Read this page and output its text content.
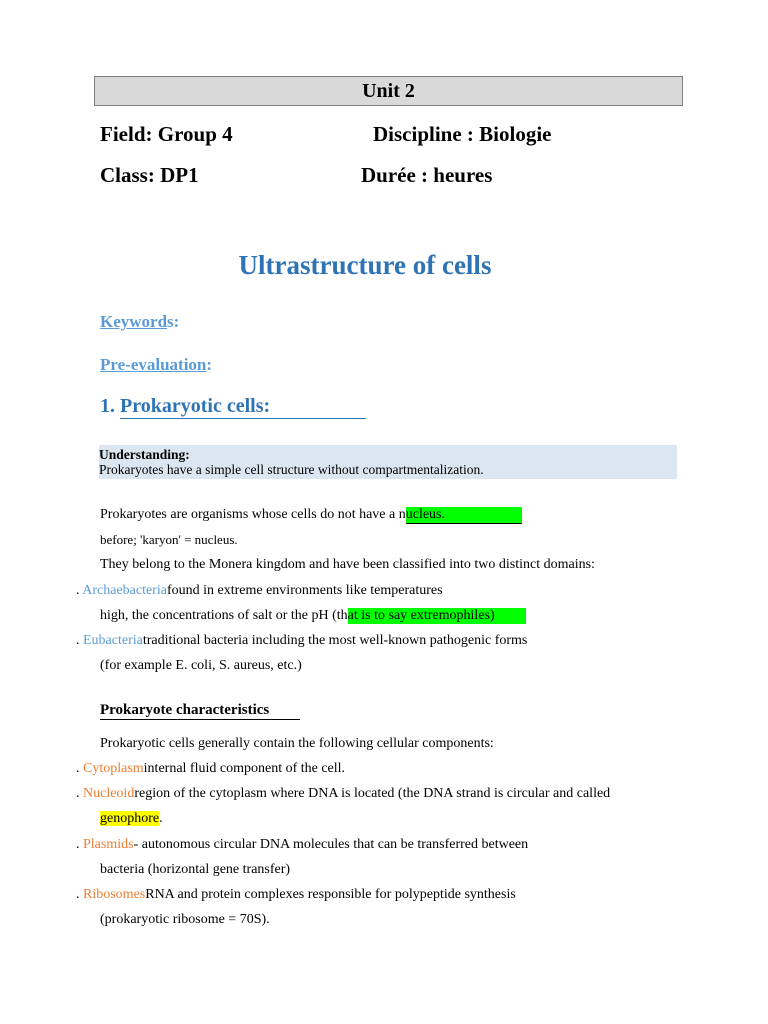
Unit 2
Field: Group 4	Discipline : Biologie
Class: DP1	Durée : heures
Ultrastructure of cells
Keywords:
Pre-evaluation:
1. Prokaryotic cells:
Understanding:
Prokaryotes have a simple cell structure without compartmentalization.
Prokaryotes are organisms whose cells do not have a nucleus.
before; 'karyon' = nucleus.
They belong to the Monera kingdom and have been classified into two distinct domains:
. Archaebacteriafound in extreme environments like temperatures
high, the concentrations of salt or the pH (that is to say extremophiles)
. Eubacteriatraditional bacteria including the most well-known pathogenic forms
(for example E. coli, S. aureus, etc.)
Prokaryote characteristics
Prokaryotic cells generally contain the following cellular components:
. Cytoplasminternal fluid component of the cell.
. Nucleoidregion of the cytoplasm where DNA is located (the DNA strand is circular and called
genophore.
. Plasmids- autonomous circular DNA molecules that can be transferred between
bacteria (horizontal gene transfer)
. RibosomesRNA and protein complexes responsible for polypeptide synthesis
(prokaryotic ribosome = 70S).
